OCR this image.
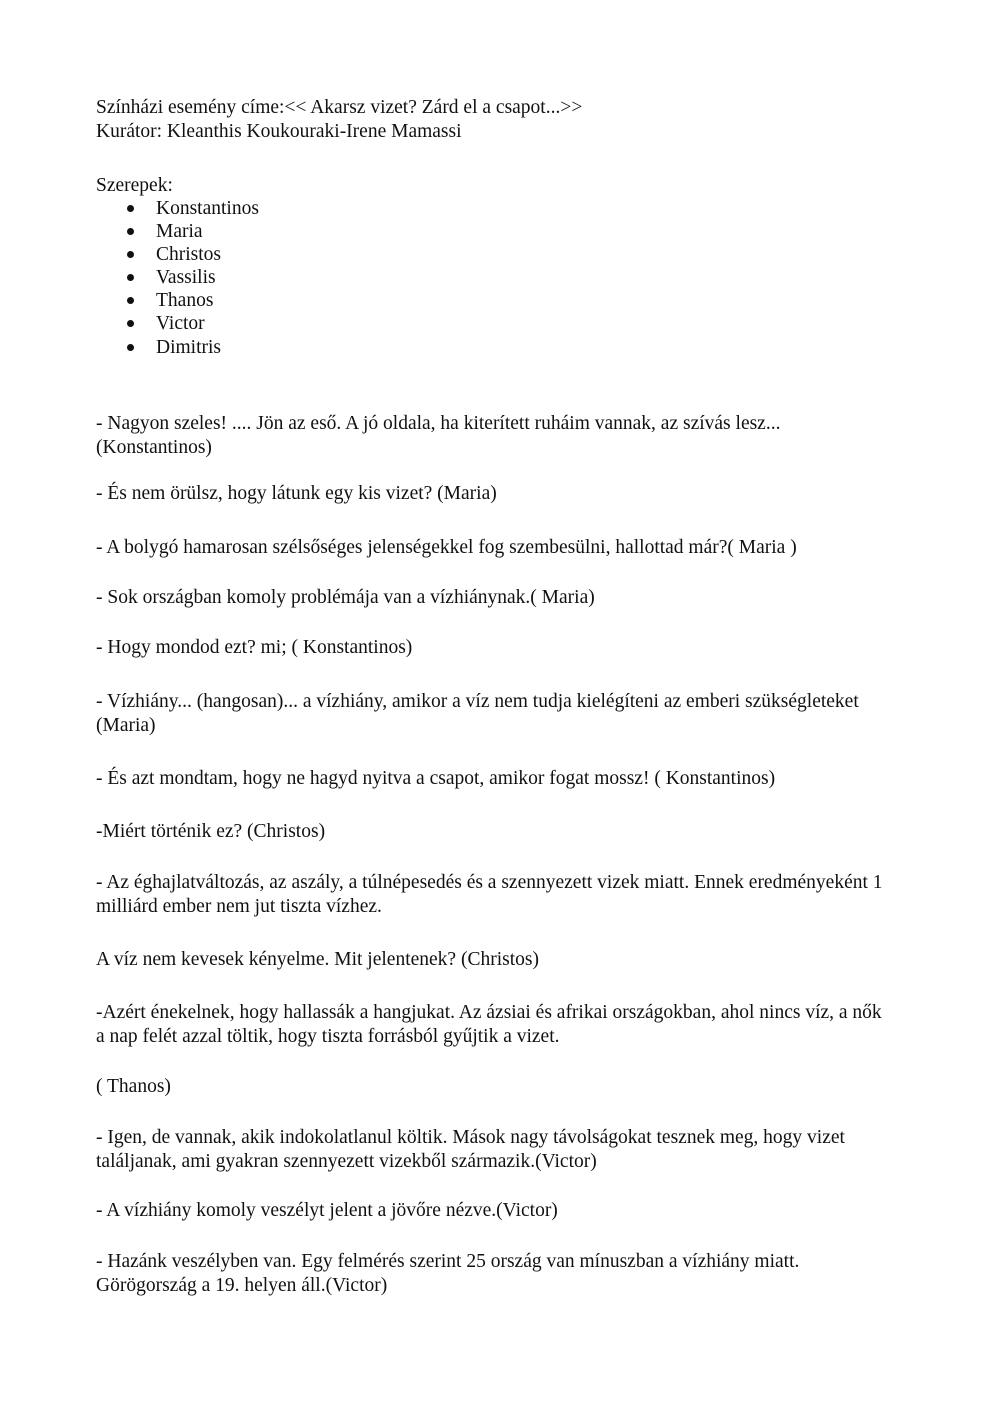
Színházi esemény címe:<< Akarsz vizet? Zárd el a csapot...>>
Kurátor: Kleanthis Koukouraki-Irene Mamassi
Szerepek:
Konstantinos
Maria
Christos
Vassilis
Thanos
Victor
Dimitris

- Nagyon szeles! .... Jön az eső. A jó oldala, ha kiterített ruháim vannak, az szívás lesz... (Konstantinos)

- És nem örülsz, hogy látunk egy kis vizet? (Maria)

- A bolygó hamarosan szélsőséges jelenségekkel fog szembesülni, hallottad már?( Maria )

- Sok országban komoly problémája van a vízhiánynak.( Maria)

- Hogy mondod ezt? mi; ( Konstantinos)

- Vízhiány... (hangosan)... a vízhiány, amikor a víz nem tudja kielégíteni az emberi szükségleteket (Maria)

- És azt mondtam, hogy ne hagyd nyitva a csapot, amikor fogat mossz! ( Konstantinos)

-Miért történik ez? (Christos)

- Az éghajlatváltozás, az aszály, a túlnépesedés és a szennyezett vizek miatt. Ennek eredményeként 1 milliárd ember nem jut tiszta vízhez.

A víz nem kevesek kényelme. Mit jelentenek? (Christos)

-Azért énekelnek, hogy hallassák a hangjukat. Az ázsiai és afrikai országokban, ahol nincs víz, a nők a nap felét azzal töltik, hogy tiszta forrásból gyűjtik a vizet.

( Thanos)

- Igen, de vannak, akik indokolatlanul költik. Mások nagy távolságokat tesznek meg, hogy vizet találjanak, ami gyakran szennyezett vizekből származik.(Victor)

- A vízhiány komoly veszélyt jelent a jövőre nézve.(Victor)

- Hazánk veszélyben van. Egy felmérés szerint 25 ország van mínuszban a vízhiány miatt. Görögország a 19. helyen áll.(Victor)
